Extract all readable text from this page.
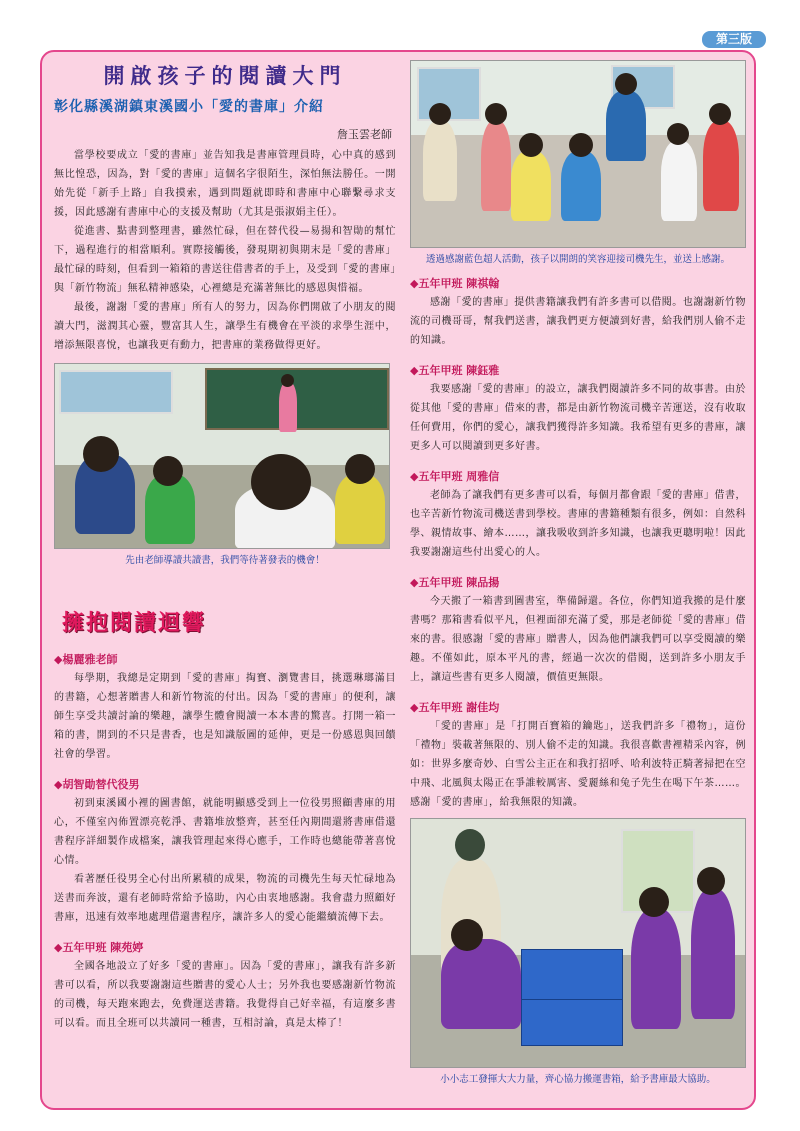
第三版
開啟孩子的閱讀大門
彰化縣溪湖鎮東溪國小「愛的書庫」介紹
詹玉雲老師

當學校要成立「愛的書庫」並告知我是書庫管理員時，心中真的感到無比惶恐，因為，對「愛的書庫」這個名字很陌生，深怕無法勝任。一開始先從「新手上路」自我摸索，遇到問題就即時和書庫中心聯繫尋求支援，因此感謝有書庫中心的支援及幫助（尤其是張淑娟主任）。

從進書、點書到整理書，雖然忙碌，但在替代役—易揚和智勛的幫忙下，過程進行的相當順利。實際接觸後，發現期初與期末是「愛的書庫」最忙碌的時刻，但看到一箱箱的書送往借書者的手上，及受到「愛的書庫」與「新竹物流」無私精神感染，心裡總是充滿著無比的感恩與惜福。

最後，謝謝「愛的書庫」所有人的努力，因為你們開啟了小朋友的閱讀大門，滋潤其心靈，豐富其人生，讓學生有機會在平淡的求學生涯中，增添無限喜悅，也讓我更有動力，把書庫的業務做得更好。

先由老師導讀共讀書，我們等待著發表的機會！
擁抱閱讀迴響
◆楊麗雅老師

每學期，我總是定期到「愛的書庫」掏寶、瀏覽書目，挑選琳瑯滿目的書籍，心想著贈書人和新竹物流的付出。因為「愛的書庫」的便利，讓師生享受共讀討論的樂趣，讓學生體會閱讀一本本書的驚喜。打開一箱一箱的書，開到的不只是書香，也是知識版圖的延伸，更是一份感恩與回饋社會的學習。

◆胡智勛替代役男

初到東溪國小裡的圖書館，就能明顯感受到上一位役男照顧書庫的用心，不僅室內佈置漂亮乾淨、書籍堆放整齊，甚至任內期間還將書庫借還書程序詳細製作成檔案，讓我管理起來得心應手，工作時也總能帶著喜悅心情。

看著歷任役男全心付出所累積的成果，物流的司機先生每天忙碌地為送書而奔波，還有老師時常給予協助，內心由衷地感謝。我會盡力照顧好書庫，迅速有效率地處理借還書程序，讓許多人的愛心能繼續流傳下去。

◆五年甲班 陳苑婷

全國各地設立了好多「愛的書庫」。因為「愛的書庫」，讓我有許多新書可以看，所以我要謝謝這些贈書的愛心人士；另外我也要感謝新竹物流的司機，每天跑來跑去，免費運送書籍。我覺得自己好幸福，有這麼多書可以看。而且全班可以共讀同一種書，互相討論，真是太棒了！

透過感謝藍色超人活動，孩子以開朗的笑容迎接司機先生，並送上感謝。
◆五年甲班 陳祺翰

感謝「愛的書庫」提供書籍讓我們有許多書可以借閱。也謝謝新竹物流的司機哥哥，幫我們送書，讓我們更方便讀到好書，給我們別人偷不走的知識。

◆五年甲班 陳鈺雅

我要感謝「愛的書庫」的設立，讓我們閱讀許多不同的故事書。由於從其他「愛的書庫」借來的書，都是由新竹物流司機辛苦運送，沒有收取任何費用，你們的愛心，讓我們獲得許多知識。我希望有更多的書庫，讓更多人可以閱讀到更多好書。

◆五年甲班 周雅信

老師為了讓我們有更多書可以看，每個月都會跟「愛的書庫」借書，也辛苦新竹物流司機送書到學校。書庫的書籍種類有很多，例如：自然科學、親情故事、繪本……，讓我吸收到許多知識，也讓我更聰明啦！因此我要謝謝這些付出愛心的人。

◆五年甲班 陳品揚

今天搬了一箱書到圖書室，準備歸還。各位，你們知道我搬的是什麼書嗎？那箱書看似平凡，但裡面卻充滿了愛，那是老師從「愛的書庫」借來的書。很感謝「愛的書庫」贈書人，因為他們讓我們可以享受閱讀的樂趣。不僅如此，原本平凡的書，經過一次次的借閱，送到許多小朋友手上，讓這些書有更多人閱讀，價值更無限。

◆五年甲班 謝佳均

「愛的書庫」是「打開百寶箱的鑰匙」，送我們許多「禮物」，這份「禮物」裝載著無限的、別人偷不走的知識。我很喜歡書裡精采內容，例如：世界多麼奇妙、白雪公主正在和我打招呼、哈利波特正騎著掃把在空中飛、北風與太陽正在爭誰較厲害、愛麗絲和兔子先生在喝下午茶……。感謝「愛的書庫」，給我無限的知識。

小小志工發揮大大力量，齊心協力搬運書箱，給予書庫最大協助。
